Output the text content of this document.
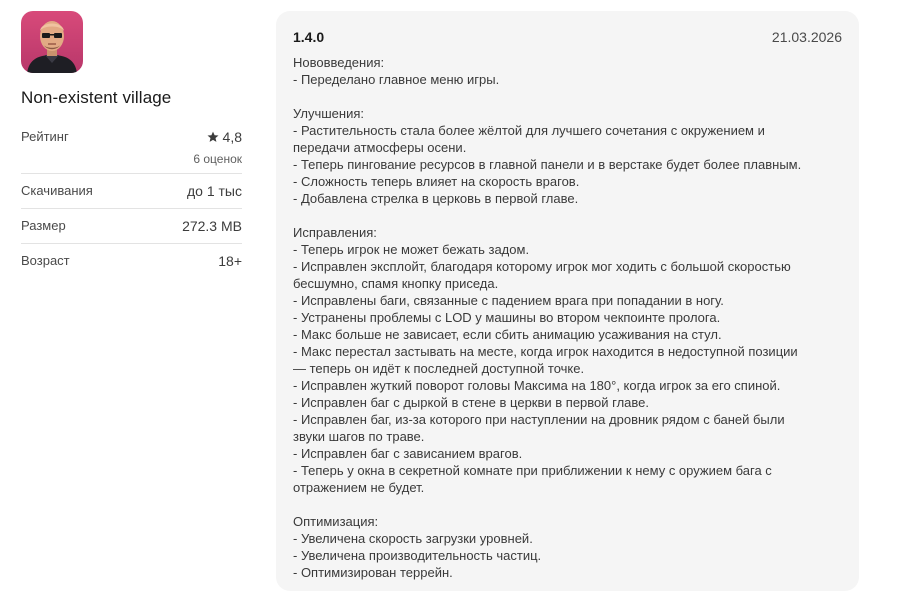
Non-existent village
Рейтинг	4,8
6 оценок
Скачивания	до 1 тыс
Размер	272.3 MB
Возраст	18+
1.4.0	21.03.2026
Нововведения:
- Переделано главное меню игры.
Улучшения:
- Растительность стала более жёлтой для лучшего сочетания с окружением и
передачи атмосферы осени.
- Теперь пингование ресурсов в главной панели и в верстаке будет более плавным.
- Сложность теперь влияет на скорость врагов.
- Добавлена стрелка в церковь в первой главе.
Исправления:
- Теперь игрок не может бежать задом.
- Исправлен эксплойт, благодаря которому игрок мог ходить с большой скоростью
бесшумно, спамя кнопку приседа.
- Исправлены баги, связанные с падением врага при попадании в ногу.
- Устранены проблемы с LOD у машины во втором чекпоинте пролога.
- Макс больше не зависает, если сбить анимацию усаживания на стул.
- Макс перестал застывать на месте, когда игрок находится в недоступной позиции
— теперь он идёт к последней доступной точке.
- Исправлен жуткий поворот головы Максима на 180°, когда игрок за его спиной.
- Исправлен баг с дыркой в стене в церкви в первой главе.
- Исправлен баг, из-за которого при наступлении на дровник рядом с баней были
звуки шагов по траве.
- Исправлен баг с зависанием врагов.
- Теперь у окна в секретной комнате при приближении к нему с оружием бага с
отражением не будет.
Оптимизация:
- Увеличена скорость загрузки уровней.
- Увеличена производительность частиц.
- Оптимизирован террейн.
